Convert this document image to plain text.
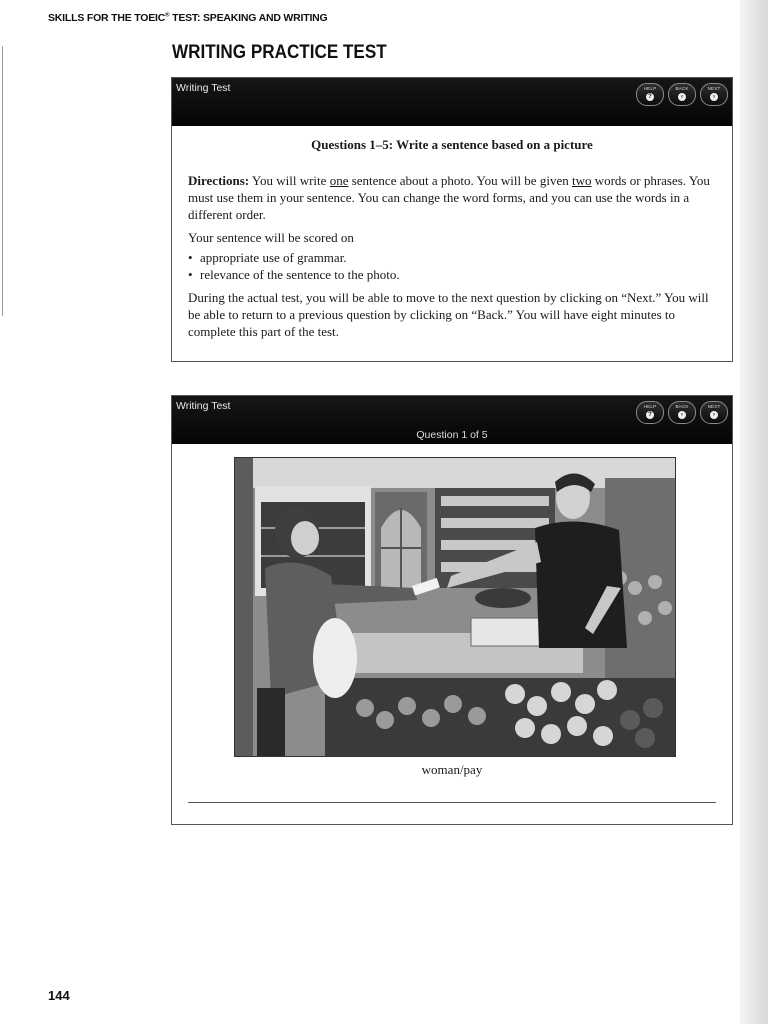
SKILLS FOR THE TOEIC® TEST: SPEAKING AND WRITING
WRITING PRACTICE TEST
Writing Test	HELP
?
BACK
‹
NEXT
›
Questions 1–5: Write a sentence based on a picture

Directions: You will write one sentence about a photo. You will be given two words or phrases. You must use them in your sentence. You can change the word forms, and you can use the words in a different order.

Your sentence will be scored on

• appropriate use of grammar.
• relevance of the sentence to the photo.

During the actual test, you will be able to move to the next question by clicking on “Next.” You will be able to return to a previous question by clicking on “Back.” You will have eight minutes to complete this part of the test.

Writing Test
Question 1 of 5
HELP
?
BACK
‹
NEXT
›
woman/pay
144
